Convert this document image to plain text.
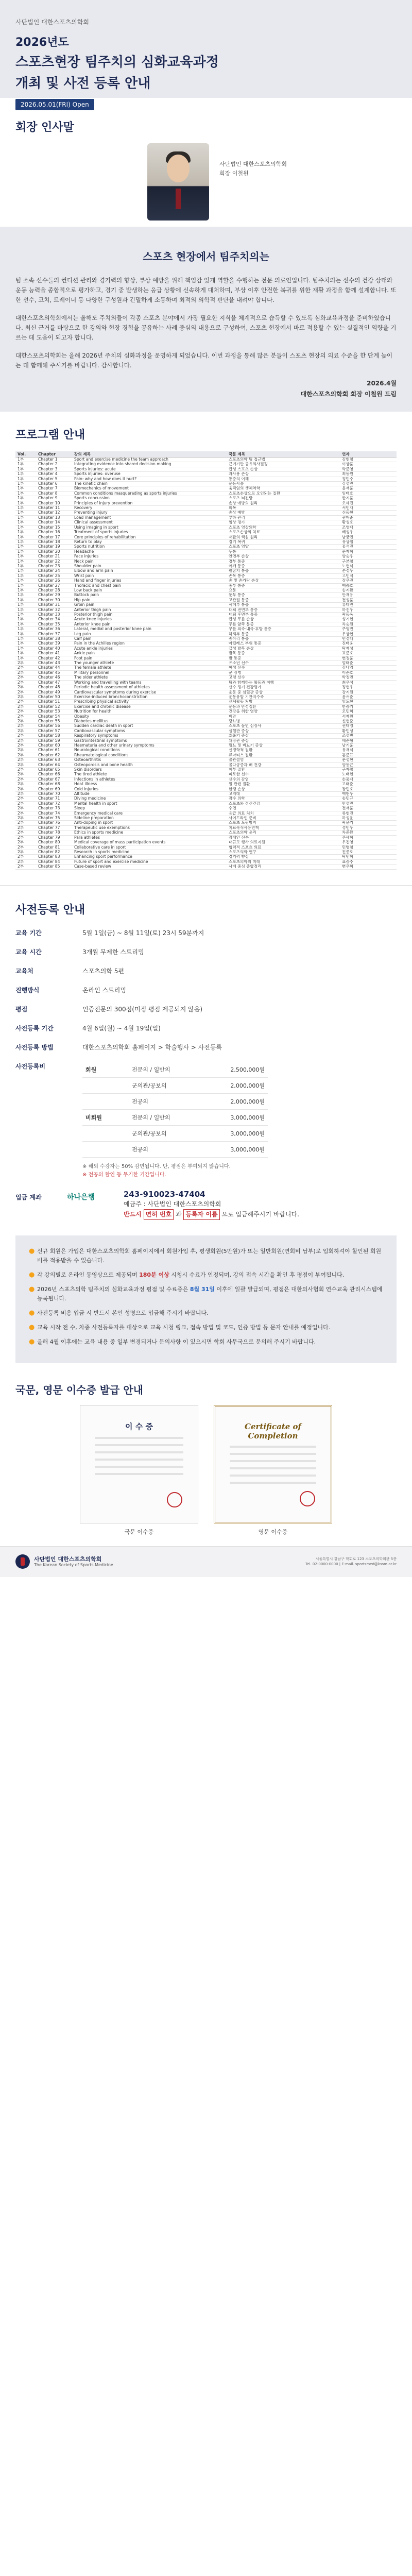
사단법인 대한스포츠의학회
2026년도
스포츠현장 팀주치의 심화교육과정
개최 및 사전 등록 안내
2026.05.01(FRI) Open
회장 인사말
사단법인 대한스포츠의학회
회장 이철원
스포츠 현장에서 팀주치의는

팀 소속 선수들의 컨디션 관리와 경기력의 향상, 부상 예방을 위해 책임감 있게 역할을 수행하는 전문 의료인입니다. 팀주치의는 선수의 건강 상태와 운동 능력을 종합적으로 평가하고, 경기 중 발생하는 응급 상황에 신속하게 대처하며, 부상 이후 안전한 복귀를 위한 재활 과정을 함께 설계합니다. 또한 선수, 코치, 트레이너 등 다양한 구성원과 긴밀하게 소통하며 최적의 의학적 판단을 내려야 합니다.

대한스포츠의학회에서는 올해도 주치의들이 각종 스포츠 분야에서 가장 필요한 지식을 체계적으로 습득할 수 있도록 심화교육과정을 준비하였습니다. 최신 근거를 바탕으로 한 강의와 현장 경험을 공유하는 사례 중심의 내용으로 구성하여, 스포츠 현장에서 바로 적용할 수 있는 실질적인 역량을 기르는 데 도움이 되고자 합니다.

대한스포츠의학회는 올해 2026년 주치의 심화과정을 운영하게 되었습니다. 이번 과정을 통해 많은 분들이 스포츠 현장의 의료 수준을 한 단계 높이는 데 함께해 주시기를 바랍니다. 감사합니다.

2026.4월
대한스포츠의학회 회장 이철원 드림
프로그램 안내
Vol.	Chapter	강의 제목	국문 제목	연자
1부	Chapter 1	Sport and exercise medicine the team approach	스포츠의학 팀 접근법	김현철
1부	Chapter 2	Integrating evidence into shared decision making	근거기반 공유의사결정	이상훈
1부	Chapter 3	Sports injuries: acute	급성 스포츠 손상	박준영
1부	Chapter 4	Sports injuries: overuse	과사용 손상	최동원
1부	Chapter 5	Pain: why and how does it hurt?	통증의 이해	정민수
1부	Chapter 6	The kinetic chain	운동사슬	강성민
1부	Chapter 7	Biomechanics of movement	움직임의 생체역학	윤재훈
1부	Chapter 8	Common conditions masquerading as sports injuries	스포츠손상으로 오인되는 질환	임태호
1부	Chapter 9	Sports concussion	스포츠 뇌진탕	한지훈
1부	Chapter 10	Principles of injury prevention	손상 예방의 원리	오세진
1부	Chapter 11	Recovery	회복	서민재
1부	Chapter 12	Preventing injury	손상 예방	신동현
1부	Chapter 13	Load management	부하 관리	권혁준
1부	Chapter 14	Clinical assessment	임상 평가	황성호
1부	Chapter 15	Using imaging in sport	스포츠 영상의학	조영태
1부	Chapter 16	Treatment of sports injuries	스포츠손상의 치료	배성우
1부	Chapter 17	Core principles of rehabilitation	재활의 핵심 원리	남궁민
1부	Chapter 18	Return to play	경기 복귀	유상철
1부	Chapter 19	Sports nutrition	스포츠 영양	홍석진
1부	Chapter 20	Headache	두통	문재혁
1부	Chapter 21	Face injuries	안면부 손상	양승우
1부	Chapter 22	Neck pain	경부 통증	구본철
1부	Chapter 23	Shoulder pain	어깨 통증	노현석
1부	Chapter 24	Elbow and arm pain	팔꿈치 통증	손정우
1부	Chapter 25	Wrist pain	손목 통증	고민석
1부	Chapter 26	Hand and finger injuries	손 및 손가락 손상	장우진
1부	Chapter 27	Thoracic and chest pain	흉부 통증	백승호
1부	Chapter 28	Low back pain	요통	송지환
1부	Chapter 29	Buttock pain	둔부 통증	안재용
1부	Chapter 30	Hip pain	고관절 통증	전성훈
1부	Chapter 31	Groin pain	서혜부 통증	류태민
1부	Chapter 32	Anterior thigh pain	대퇴 전면부 통증	하진우
1부	Chapter 33	Posterior thigh pain	대퇴 후면부 통증	곽동욱
1부	Chapter 34	Acute knee injuries	급성 무릎 손상	성기현
1부	Chapter 35	Anterior knee pain	무릎 앞쪽 통증	차승원
1부	Chapter 36	Lateral, medial and posterior knee pain	무릎 외측·내측·후방 통증	주영민
1부	Chapter 37	Leg pain	하퇴부 통증	우상현
1부	Chapter 38	Calf pain	종아리 통증	민경태
1부	Chapter 39	Pain in the Achilles region	아킬레스 부위 통증	진태웅
1부	Chapter 40	Acute ankle injuries	급성 발목 손상	탁재성
1부	Chapter 41	Ankle pain	발목 통증	표준호
1부	Chapter 42	Foot pain	발 통증	변정훈
2부	Chapter 43	The younger athlete	유소년 선수	엄태준
2부	Chapter 44	The female athlete	여성 선수	김나영
2부	Chapter 45	Military personnel	군 장병	이준호
2부	Chapter 46	The older athlete	고령 선수	박정민
2부	Chapter 47	Working and travelling with teams	팀과 함께하는 활동과 여행	최우석
2부	Chapter 48	Periodic health assessment of athletes	선수 정기 건강평가	정현우
2부	Chapter 49	Cardiovascular symptoms during exercise	운동 중 심혈관 증상	강지원
2부	Chapter 50	Exercise-induced bronchoconstriction	운동유발 기관지수축	윤서준
2부	Chapter 51	Prescribing physical activity	신체활동 처방	임도현
2부	Chapter 52	Exercise and chronic disease	운동과 만성질환	한승기
2부	Chapter 53	Nutrition for health	건강을 위한 영양	오민혁
2부	Chapter 54	Obesity	비만	서재원
2부	Chapter 55	Diabetes mellitus	당뇨병	신현준
2부	Chapter 56	Sudden cardiac death in sport	스포츠 돌연 심장사	권태영
2부	Chapter 57	Cardiovascular symptoms	심혈관 증상	황민성
2부	Chapter 58	Respiratory symptoms	호흡기 증상	조성빈
2부	Chapter 59	Gastrointestinal symptoms	위장관 증상	배준형
2부	Chapter 60	Haematuria and other urinary symptoms	혈뇨 및 비뇨기 증상	남기훈
2부	Chapter 61	Neurological conditions	신경학적 질환	유재석
2부	Chapter 62	Rheumatological conditions	류마티스 질환	홍준표
2부	Chapter 63	Osteoarthritis	골관절염	문성현
2부	Chapter 64	Osteoporosis and bone health	골다공증과 뼈 건강	양동근
2부	Chapter 65	Skin disorders	피부 질환	구자철
2부	Chapter 66	The tired athlete	피로한 선수	노태현
2부	Chapter 67	Infections in athletes	선수의 감염	손흥재
2부	Chapter 68	Heat illness	열 관련 질환	고태준
2부	Chapter 69	Cold injuries	한랭 손상	장민호
2부	Chapter 70	Altitude	고지대	백현우
2부	Chapter 71	Diving medicine	잠수 의학	송민규
2부	Chapter 72	Mental health in sport	스포츠와 정신건강	안성민
2부	Chapter 73	Sleep	수면	전재훈
2부	Chapter 74	Emergency medical care	응급 의료 처치	류현진
2부	Chapter 75	Sideline preparation	사이드라인 준비	하성운
2부	Chapter 76	Anti-doping in sport	스포츠 도핑방지	곽윤기
2부	Chapter 77	Therapeutic use exemptions	치료목적사용면책	성민우
2부	Chapter 78	Ethics in sports medicine	스포츠의학 윤리	차준환
2부	Chapter 79	Para athletes	장애인 선수	주세혁
2부	Chapter 80	Medical coverage of mass participation events	대규모 행사 의료지원	우진영
2부	Chapter 81	Collaborative care in sport	협력적 스포츠 의료	민병철
2부	Chapter 82	Research in sports medicine	스포츠의학 연구	진종오
2부	Chapter 83	Enhancing sport performance	경기력 향상	탁민혁
2부	Chapter 84	Future of sport and exercise medicine	스포츠의학의 미래	표승주
2부	Chapter 85	Case-based review	사례 중심 종합정리	변우혁
사전등록 안내
교육 기간	5월 1일(금) ~ 8월 11일(토) 23시 59분까지
교육 시간	3개월 무제한 스트리밍
교육처	스포츠의학 5편
진행방식	온라인 스트리밍
평점	인증전문의 300점(미정 평점 제공되지 않음)
사전등록 기간	4월 6일(월) ~ 4월 19일(일)
사전등록 방법	대한스포츠의학회 홈페이지 > 학술행사 > 사전등록
사전등록비	회원	전문의 / 일반의	2,500,000원
	군의관/공보의	2,000,000원
	전공의	2,000,000원
비회원	전문의 / 일반의	3,000,000원
	군의관/공보의	3,000,000원
	전공의	3,000,000원
※ 해외 수강자는 50% 감면됩니다. 단, 평점은 부여되지 않습니다.
※ 전공의 할인 등 무기한 기간입니다.
입금 계좌	하나은행	243-910023-47404
예금주 : 사단법인 대한스포츠의학회
반드시 면허 번호 과 등록자 이름 으로 입금해주시기 바랍니다.
● 신규 회원은 가입은 대한스포츠의학회 홈페이지에서 회원가입 후, 평생회원(5만원)가 또는 일반회원(연회비 납부)로 입회하셔야 할인된 회원비를 적용받을 수 있습니다.
● 각 강의별로 온라인 동영상으로 제공되며 180분 이상 시청시 수료가 인정되며, 강의 접속 시간을 확인 후 평점이 부여됩니다.
● 2026년 스포츠의학 팀주치의 심화교육과정 평점 및 수료증은 8월 31일 이후에 일괄 발급되며, 평점은 대한의사협회 연수교육 관리시스템에 등록됩니다.
● 사전등록 비용 입금 시 반드시 본인 성명으로 입금해 주시기 바랍니다.
● 교육 시작 전 수, 차종 사전등록자를 대상으로 교육 시청 링크, 접속 방법 및 코드, 인증 방법 등 문자 안내를 예정입니다.
● 올해 4월 이후에는 교육 내용 중 일부 변경되거나 문의사항 이 있으시면 학회 사무국으로 문의해 주시기 바랍니다.
국문, 영문 이수증 발급 안내
이 수 증	Certificate of Completion
국문 이수증	영문 이수증
사단법인 대한스포츠의학회
The Korean Society of Sports Medicine
서울특별시 강남구 학회로 123 스포츠의학회관 5층
Tel. 02-0000-0000 | E-mail. sportsmed@kssm.or.kr
